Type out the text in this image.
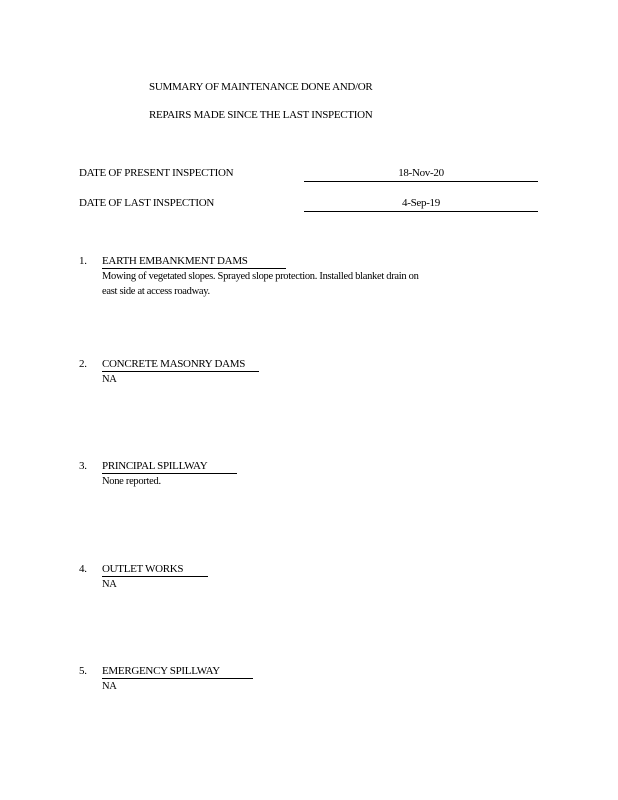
SUMMARY OF MAINTENANCE DONE AND/OR
REPAIRS MADE SINCE THE LAST INSPECTION
DATE OF PRESENT INSPECTION	18-Nov-20
DATE OF LAST INSPECTION	4-Sep-19
1. EARTH EMBANKMENT DAMS
Mowing of vegetated slopes. Sprayed slope protection. Installed blanket drain on east side at access roadway.
2. CONCRETE MASONRY DAMS
NA
3. PRINCIPAL SPILLWAY
None reported.
4. OUTLET WORKS
NA
5. EMERGENCY SPILLWAY
NA
